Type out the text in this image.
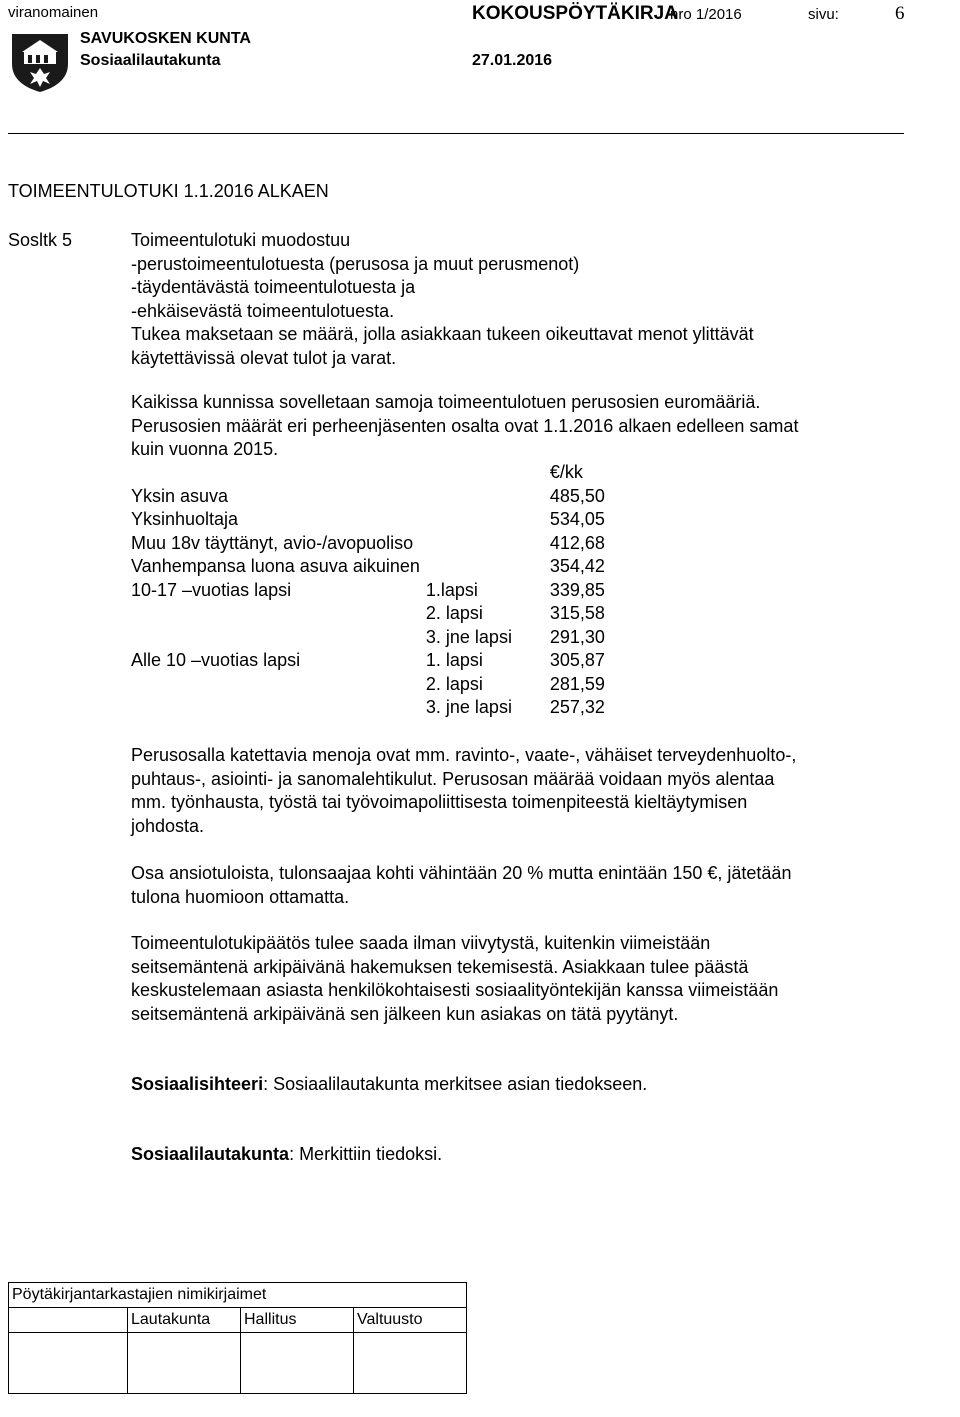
viranomainen	KOKOUSPÖYTÄKIRJA
nro 1/2016	sivu:	6
SAVUKOSKEN KUNTA
Sosiaalilautakunta	27.01.2016
TOIMEENTULOTUKI 1.1.2016 ALKAEN
Sosltk 5	Toimeentulotuki muodostuu
-perustoimeentulotuesta (perusosa ja muut perusmenot)
-täydentävästä toimeentulotuesta ja
-ehkäisevästä toimeentulotuesta.
Tukea maksetaan se määrä, jolla asiakkaan tukeen oikeuttavat menot ylittävät
käytettävissä olevat tulot ja varat.
Kaikissa kunnissa sovelletaan samoja toimeentulotuen perusosien euromääriä.
Perusosien määrät eri perheenjäsenten osalta ovat 1.1.2016 alkaen edelleen samat
kuin vuonna 2015.
		€/kk
Yksin asuva		485,50
Yksinhuoltaja		534,05
Muu 18v täyttänyt, avio-/avopuoliso		412,68
Vanhempansa luona asuva aikuinen		354,42
10-17 –vuotias lapsi	1.lapsi	339,85
	2. lapsi	315,58
	3. jne lapsi	291,30
Alle 10 –vuotias lapsi	1. lapsi	305,87
	2. lapsi	281,59
	3. jne lapsi	257,32
Perusosalla katettavia menoja ovat mm. ravinto-, vaate-, vähäiset terveydenhuolto-,
puhtaus-, asiointi- ja sanomalehtikulut. Perusosan määrää voidaan myös alentaa
mm. työnhausta, työstä tai työvoimapoliittisesta toimenpiteestä kieltäytymisen
johdosta.
Osa ansiotuloista, tulonsaajaa kohti vähintään 20 % mutta enintään 150 €, jätetään
tulona huomioon ottamatta.
Toimeentulotukipäätös tulee saada ilman viivytystä, kuitenkin viimeistään
seitsemäntenä arkipäivänä hakemuksen tekemisestä. Asiakkaan tulee päästä
keskustelemaan asiasta henkilökohtaisesti sosiaalityöntekijän kanssa viimeistään
seitsemäntenä arkipäivänä sen jälkeen kun asiakas on tätä pyytänyt.
Sosiaalisihteeri: Sosiaalilautakunta merkitsee asian tiedokseen.
Sosiaalilautakunta: Merkittiin tiedoksi.
Pöytäkirjantarkastajien nimikirjaimet			
	Lautakunta	Hallitus	Valtuusto
